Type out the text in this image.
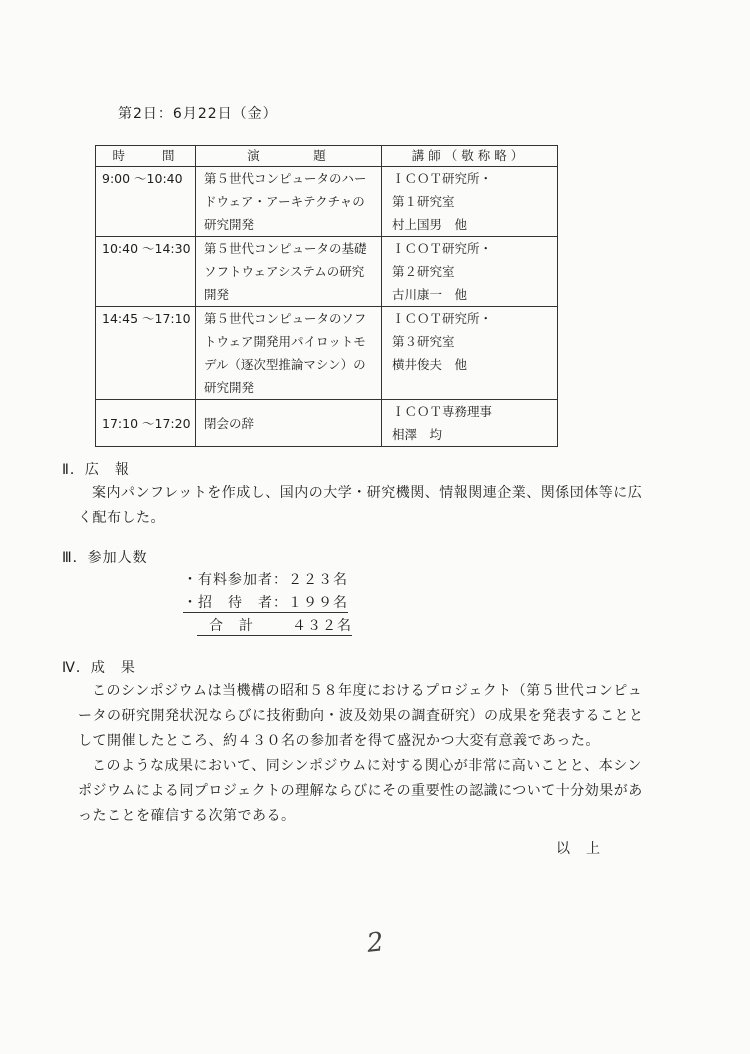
第2日：6月22日（金）
時　　間	演　　　題	講師（敬称略）

9:00 ～10:40	第５世代コンピュータのハー
ドウェア・アーキテクチャの
研究開発	ＩＣＯＴ研究所・
第１研究室
村上国男　他

10:40 ～14:30	第５世代コンピュータの基礎
ソフトウェアシステムの研究
開発	ＩＣＯＴ研究所・
第２研究室
古川康一　他

14:45 ～17:10	第５世代コンピュータのソフ
トウェア開発用パイロットモ
デル（逐次型推論マシン）の
研究開発	ＩＣＯＴ研究所・
第３研究室
横井俊夫　他

17:10 ～17:20	閉会の辞	ＩＣＯＴ専務理事
相澤　均
Ⅱ．広　報
案内パンフレットを作成し、国内の大学・研究機関、情報関連企業、関係団体等に広
く配布した。
Ⅲ．参加人数
・有料参加者：２２３名
・招　待　者：１９９名
合　計	４３２名
Ⅳ．成　果
このシンポジウムは当機構の昭和５８年度におけるプロジェクト（第５世代コンピュ
ータの研究開発状況ならびに技術動向・波及効果の調査研究）の成果を発表することと
して開催したところ、約４３０名の参加者を得て盛況かつ大変有意義であった。
このような成果において、同シンポジウムに対する関心が非常に高いことと、本シン
ポジウムによる同プロジェクトの理解ならびにその重要性の認識について十分効果があ
ったことを確信する次第である。
以　上
2
